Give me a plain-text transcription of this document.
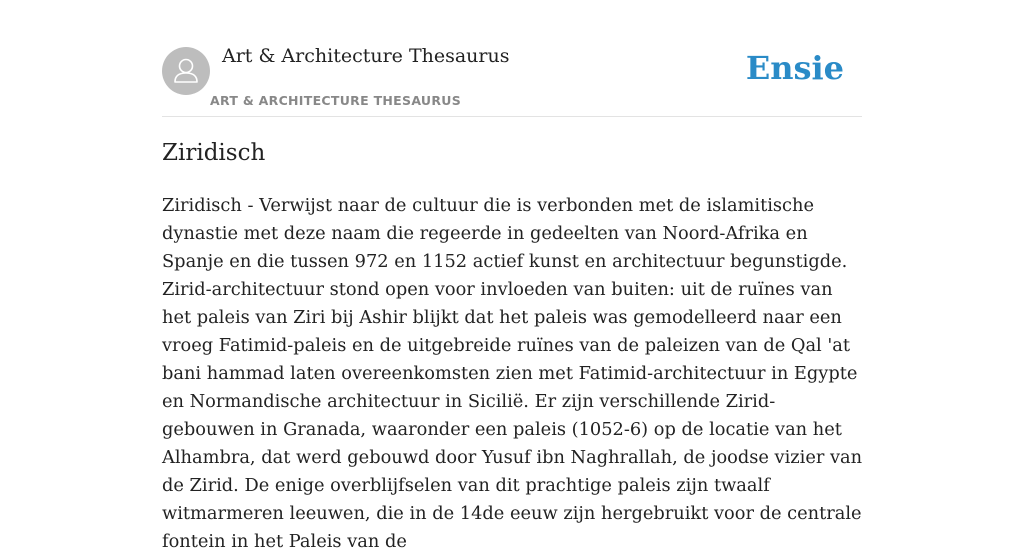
Art & Architecture Thesaurus
ART & ARCHITECTURE THESAURUS
Ensie
Ziridisch

Ziridisch - Verwijst naar de cultuur die is verbonden met de islamitische dynastie met deze naam die regeerde in gedeelten van Noord-Afrika en Spanje en die tussen 972 en 1152 actief kunst en architectuur begunstigde. Zirid-architectuur stond open voor invloeden van buiten: uit de ruïnes van het paleis van Ziri bij Ashir blijkt dat het paleis was gemodelleerd naar een vroeg Fatimid-paleis en de uitgebreide ruïnes van de paleizen van de Qal 'at bani hammad laten overeenkomsten zien met Fatimid-architectuur in Egypte en Normandische architectuur in Sicilië. Er zijn verschillende Zirid-gebouwen in Granada, waaronder een paleis (1052-6) op de locatie van het Alhambra, dat werd gebouwd door Yusuf ibn Naghrallah, de joodse vizier van de Zirid. De enige overblijfselen van dit prachtige paleis zijn twaalf witmarmeren leeuwen, die in de 14de eeuw zijn hergebruikt voor de centrale fontein in het Paleis van de
